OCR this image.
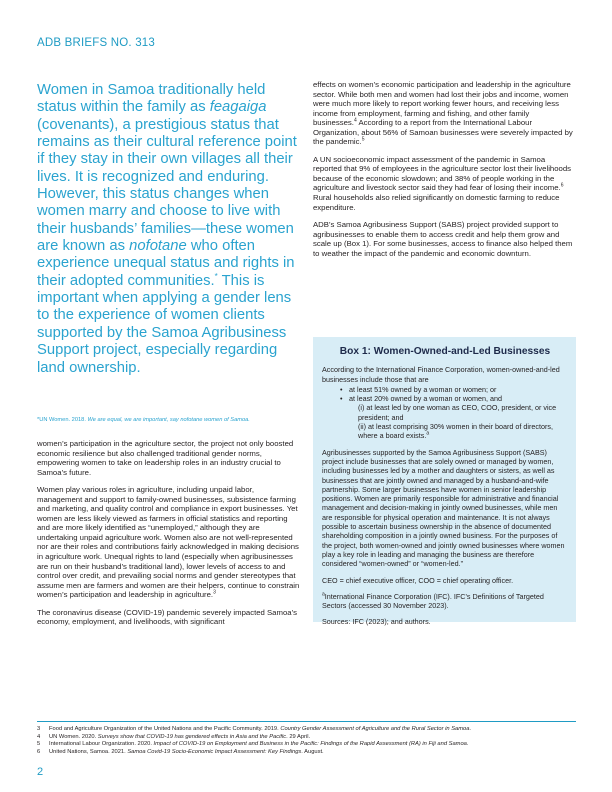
ADB BRIEFS NO. 313
Women in Samoa traditionally held status within the family as feagaiga (covenants), a prestigious status that remains as their cultural reference point if they stay in their own villages all their lives. It is recognized and enduring. However, this status changes when women marry and choose to live with their husbands’ families—these women are known as nofotane who often experience unequal status and rights in their adopted communities.* This is important when applying a gender lens to the experience of women clients supported by the Samoa Agribusiness Support project, especially regarding land ownership.
*UN Women. 2018. We are equal, we are important, say nofotane women of Samoa.

women’s participation in the agriculture sector, the project not only boosted economic resilience but also challenged traditional gender norms, empowering women to take on leadership roles in an industry crucial to Samoa’s future.

Women play various roles in agriculture, including unpaid labor, management and support to family-owned businesses, subsistence farming and marketing, and quality control and compliance in export businesses. Yet women are less likely viewed as farmers in official statistics and reporting and are more likely identified as “unemployed,” although they are undertaking unpaid agriculture work. Women also are not well-represented nor are their roles and contributions fairly acknowledged in making decisions in agriculture work. Unequal rights to land (especially when agribusinesses are run on their husband’s traditional land), lower levels of access to and control over credit, and prevailing social norms and gender stereotypes that assume men are farmers and women are their helpers, continue to constrain women’s participation and leadership in agriculture.$^3$

The coronavirus disease (COVID-19) pandemic severely impacted Samoa’s economy, employment, and livelihoods, with significant

effects on women’s economic participation and leadership in the agriculture sector. While both men and women had lost their jobs and income, women were much more likely to report working fewer hours, and receiving less income from employment, farming and fishing, and other family businesses.$^4$ According to a report from the International Labour Organization, about 56% of Samoan businesses were severely impacted by the pandemic.$^5$

A UN socioeconomic impact assessment of the pandemic in Samoa reported that 9% of employees in the agriculture sector lost their livelihoods because of the economic slowdown; and 38% of people working in the agriculture and livestock sector said they had fear of losing their income.$^6$ Rural households also relied significantly on domestic farming to reduce expenditure.

ADB’s Samoa Agribusiness Support (SABS) project provided support to agribusinesses to enable them to access credit and help them grow and scale up (Box 1). For some businesses, access to finance also helped them to weather the impact of the pandemic and economic downturn.

Box 1: Women-Owned-and-Led Businesses

According to the International Finance Corporation, women-owned-and-led businesses include those that are

• at least 51% owned by a woman or women; or
• at least 20% owned by a woman or women, and
(i) at least led by one woman as CEO, COO, president, or vice president; and
(ii) at least comprising 30% women in their board of directors, where a board exists.$^a$

Agribusinesses supported by the Samoa Agribusiness Support (SABS) project include businesses that are solely owned or managed by women, including businesses led by a mother and daughters or sisters, as well as businesses that are jointly owned and managed by a husband-and-wife partnership. Some larger businesses have women in senior leadership positions. Women are primarily responsible for administrative and financial management and decision-making in jointly owned businesses, while men are responsible for physical operation and maintenance. It is not always possible to ascertain business ownership in the absence of documented shareholding composition in a jointly owned business. For the purposes of the project, both women-owned and jointly owned businesses where women play a key role in leading and managing the business are therefore considered “women-owned” or “women-led.”

CEO = chief executive officer, COO = chief operating officer.

$^a$International Finance Corporation (IFC). IFC’s Definitions of Targeted Sectors (accessed 30 November 2023).

Sources: IFC (2023); and authors.

3	Food and Agriculture Organization of the United Nations and the Pacific Community. 2019. Country Gender Assessment of Agriculture and the Rural Sector in Samoa.
4	UN Women. 2020. Surveys show that COVID-19 has gendered effects in Asia and the Pacific. 29 April.
5	International Labour Organization. 2020. Impact of COVID-19 on Employment and Business in the Pacific: Findings of the Rapid Assessment (RA) in Fiji and Samoa.
6	United Nations, Samoa. 2021. Samoa Covid-19 Socio-Economic Impact Assessment: Key Findings. August.
2
